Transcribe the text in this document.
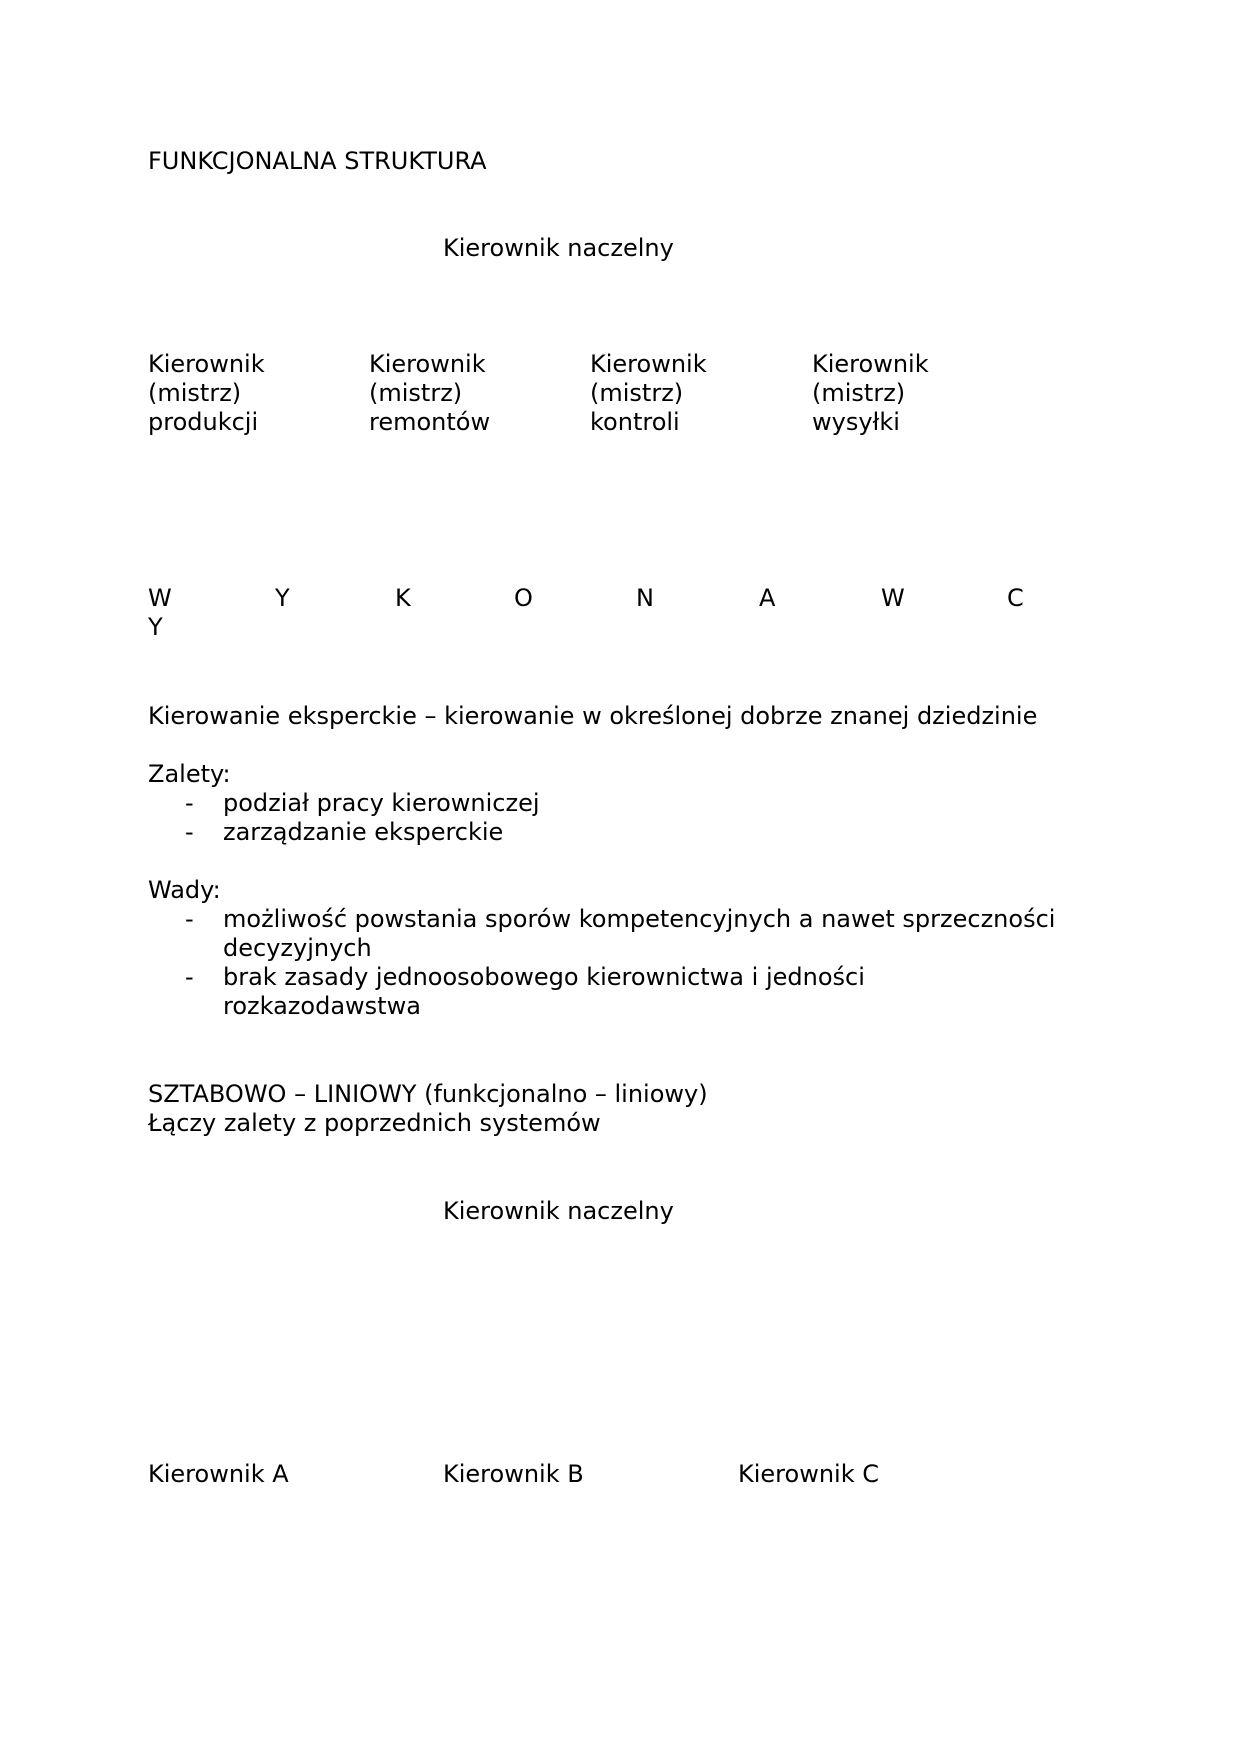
FUNKCJONALNA STRUKTURA
Kierownik naczelny
Kierownik
(mistrz)
produkcji
Kierownik
(mistrz)
remontów
Kierownik
(mistrz)
kontroli
Kierownik
(mistrz)
wysyłki
W	Y	K	O	N	A	W	C
Y
Kierowanie eksperckie – kierowanie w określonej dobrze znanej dziedzinie
Zalety:
- podział pracy kierowniczej
- zarządzanie eksperckie
Wady:
- możliwość powstania sporów kompetencyjnych a nawet sprzeczności decyzyjnych
- brak zasady jednoosobowego kierownictwa i jedności rozkazodawstwa
SZTABOWO – LINIOWY (funkcjonalno – liniowy)
Łączy zalety z poprzednich systemów
Kierownik naczelny
Kierownik A	Kierownik B	Kierownik C
